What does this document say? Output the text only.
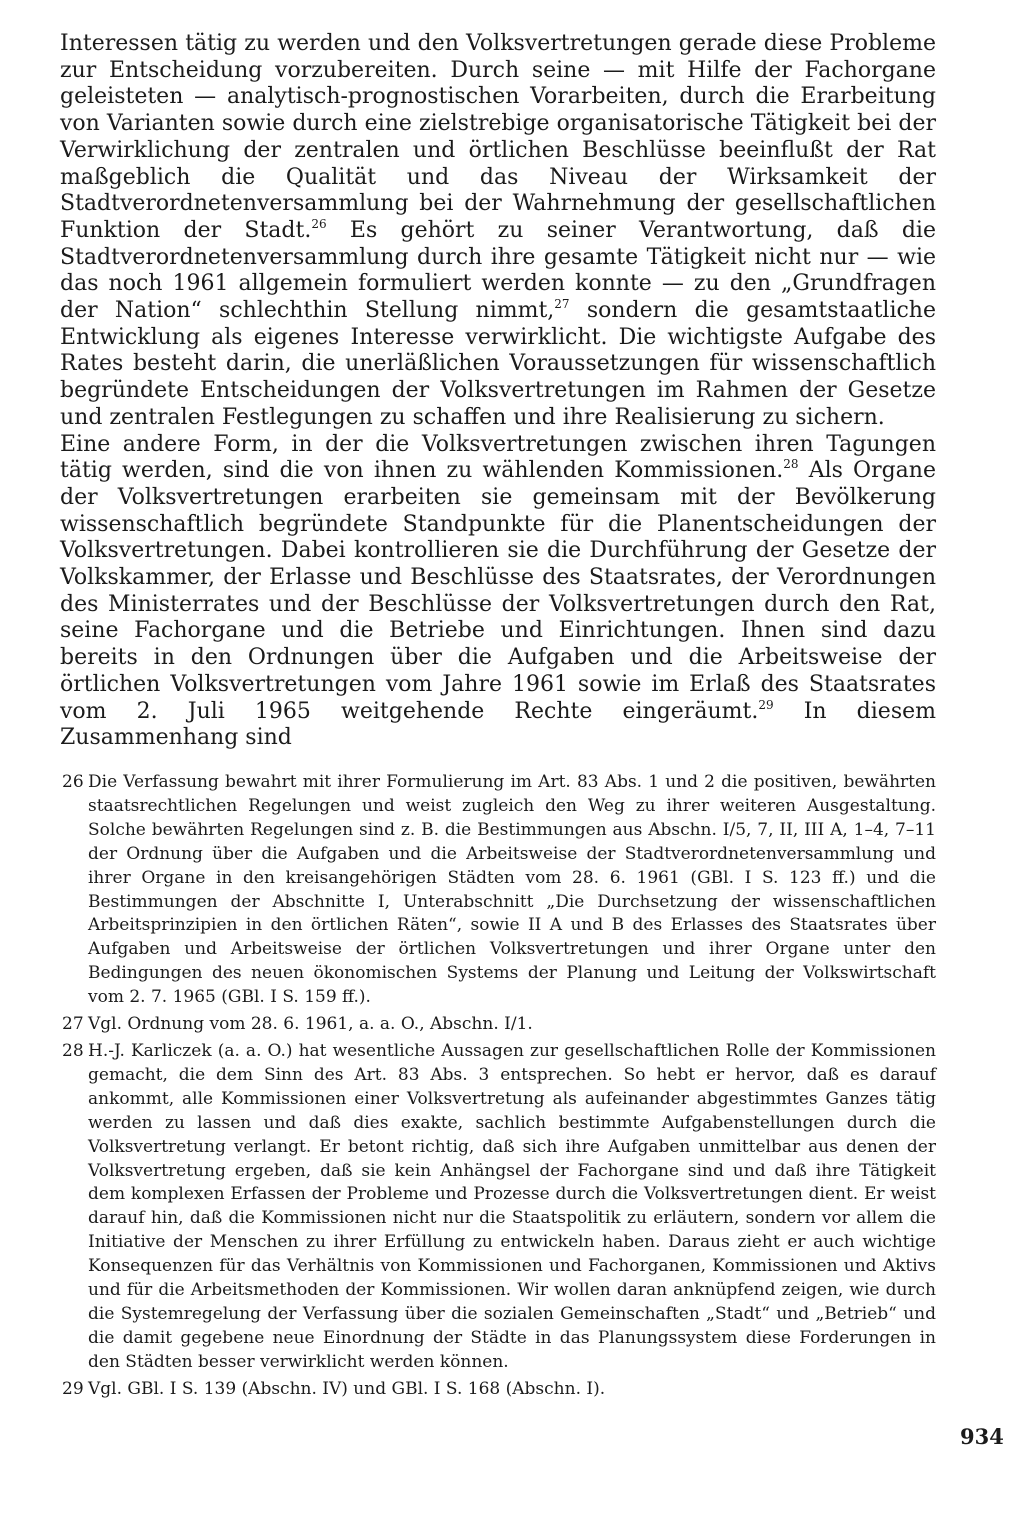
Interessen tätig zu werden und den Volksvertretungen gerade diese Probleme zur Entscheidung vorzubereiten. Durch seine — mit Hilfe der Fachorgane geleisteten — analytisch-prognostischen Vorarbeiten, durch die Erarbeitung von Varianten sowie durch eine zielstrebige organisatorische Tätigkeit bei der Verwirklichung der zentralen und örtlichen Beschlüsse beeinflußt der Rat maßgeblich die Qualität und das Niveau der Wirksamkeit der Stadtverordnetenversammlung bei der Wahrnehmung der gesellschaftlichen Funktion der Stadt.$^{26}$ Es gehört zu seiner Verantwortung, daß die Stadtverordnetenversammlung durch ihre gesamte Tätigkeit nicht nur — wie das noch 1961 allgemein formuliert werden konnte — zu den „Grundfragen der Nation“ schlechthin Stellung nimmt,$^{27}$ sondern die gesamtstaatliche Entwicklung als eigenes Interesse verwirklicht. Die wichtigste Aufgabe des Rates besteht darin, die unerläßlichen Voraussetzungen für wissenschaftlich begründete Entscheidungen der Volksvertretungen im Rahmen der Gesetze und zentralen Festlegungen zu schaffen und ihre Realisierung zu sichern.

Eine andere Form, in der die Volksvertretungen zwischen ihren Tagungen tätig werden, sind die von ihnen zu wählenden Kommissionen.$^{28}$ Als Organe der Volksvertretungen erarbeiten sie gemeinsam mit der Bevölkerung wissenschaftlich begründete Standpunkte für die Planentscheidungen der Volksvertretungen. Dabei kontrollieren sie die Durchführung der Gesetze der Volkskammer, der Erlasse und Beschlüsse des Staatsrates, der Verordnungen des Ministerrates und der Beschlüsse der Volksvertretungen durch den Rat, seine Fachorgane und die Betriebe und Einrichtungen. Ihnen sind dazu bereits in den Ordnungen über die Aufgaben und die Arbeitsweise der örtlichen Volksvertretungen vom Jahre 1961 sowie im Erlaß des Staatsrates vom 2. Juli 1965 weitgehende Rechte eingeräumt.$^{29}$ In diesem Zusammenhang sind

26 Die Verfassung bewahrt mit ihrer Formulierung im Art. 83 Abs. 1 und 2 die positiven, bewährten staatsrechtlichen Regelungen und weist zugleich den Weg zu ihrer weiteren Ausgestaltung. Solche bewährten Regelungen sind z. B. die Bestimmungen aus Abschn. I/5, 7, II, III A, 1–4, 7–11 der Ordnung über die Aufgaben und die Arbeitsweise der Stadtverordnetenversammlung und ihrer Organe in den kreisangehörigen Städten vom 28. 6. 1961 (GBl. I S. 123 ff.) und die Bestimmungen der Abschnitte I, Unterabschnitt „Die Durchsetzung der wissenschaftlichen Arbeitsprinzipien in den örtlichen Räten“, sowie II A und B des Erlasses des Staatsrates über Aufgaben und Arbeitsweise der örtlichen Volksvertretungen und ihrer Organe unter den Bedingungen des neuen ökonomischen Systems der Planung und Leitung der Volkswirtschaft vom 2. 7. 1965 (GBl. I S. 159 ff.).
27 Vgl. Ordnung vom 28. 6. 1961, a. a. O., Abschn. I/1.
28 H.-J. Karliczek (a. a. O.) hat wesentliche Aussagen zur gesellschaftlichen Rolle der Kommissionen gemacht, die dem Sinn des Art. 83 Abs. 3 entsprechen. So hebt er hervor, daß es darauf ankommt, alle Kommissionen einer Volksvertretung als aufeinander abgestimmtes Ganzes tätig werden zu lassen und daß dies exakte, sachlich bestimmte Aufgabenstellungen durch die Volksvertretung verlangt. Er betont richtig, daß sich ihre Aufgaben unmittelbar aus denen der Volksvertretung ergeben, daß sie kein Anhängsel der Fachorgane sind und daß ihre Tätigkeit dem komplexen Erfassen der Probleme und Prozesse durch die Volksvertretungen dient. Er weist darauf hin, daß die Kommissionen nicht nur die Staatspolitik zu erläutern, sondern vor allem die Initiative der Menschen zu ihrer Erfüllung zu entwickeln haben. Daraus zieht er auch wichtige Konsequenzen für das Verhältnis von Kommissionen und Fachorganen, Kommissionen und Aktivs und für die Arbeitsmethoden der Kommissionen. Wir wollen daran anknüpfend zeigen, wie durch die Systemregelung der Verfassung über die sozialen Gemeinschaften „Stadt“ und „Betrieb“ und die damit gegebene neue Einordnung der Städte in das Planungssystem diese Forderungen in den Städten besser verwirklicht werden können.
29 Vgl. GBl. I S. 139 (Abschn. IV) und GBl. I S. 168 (Abschn. I).
934
